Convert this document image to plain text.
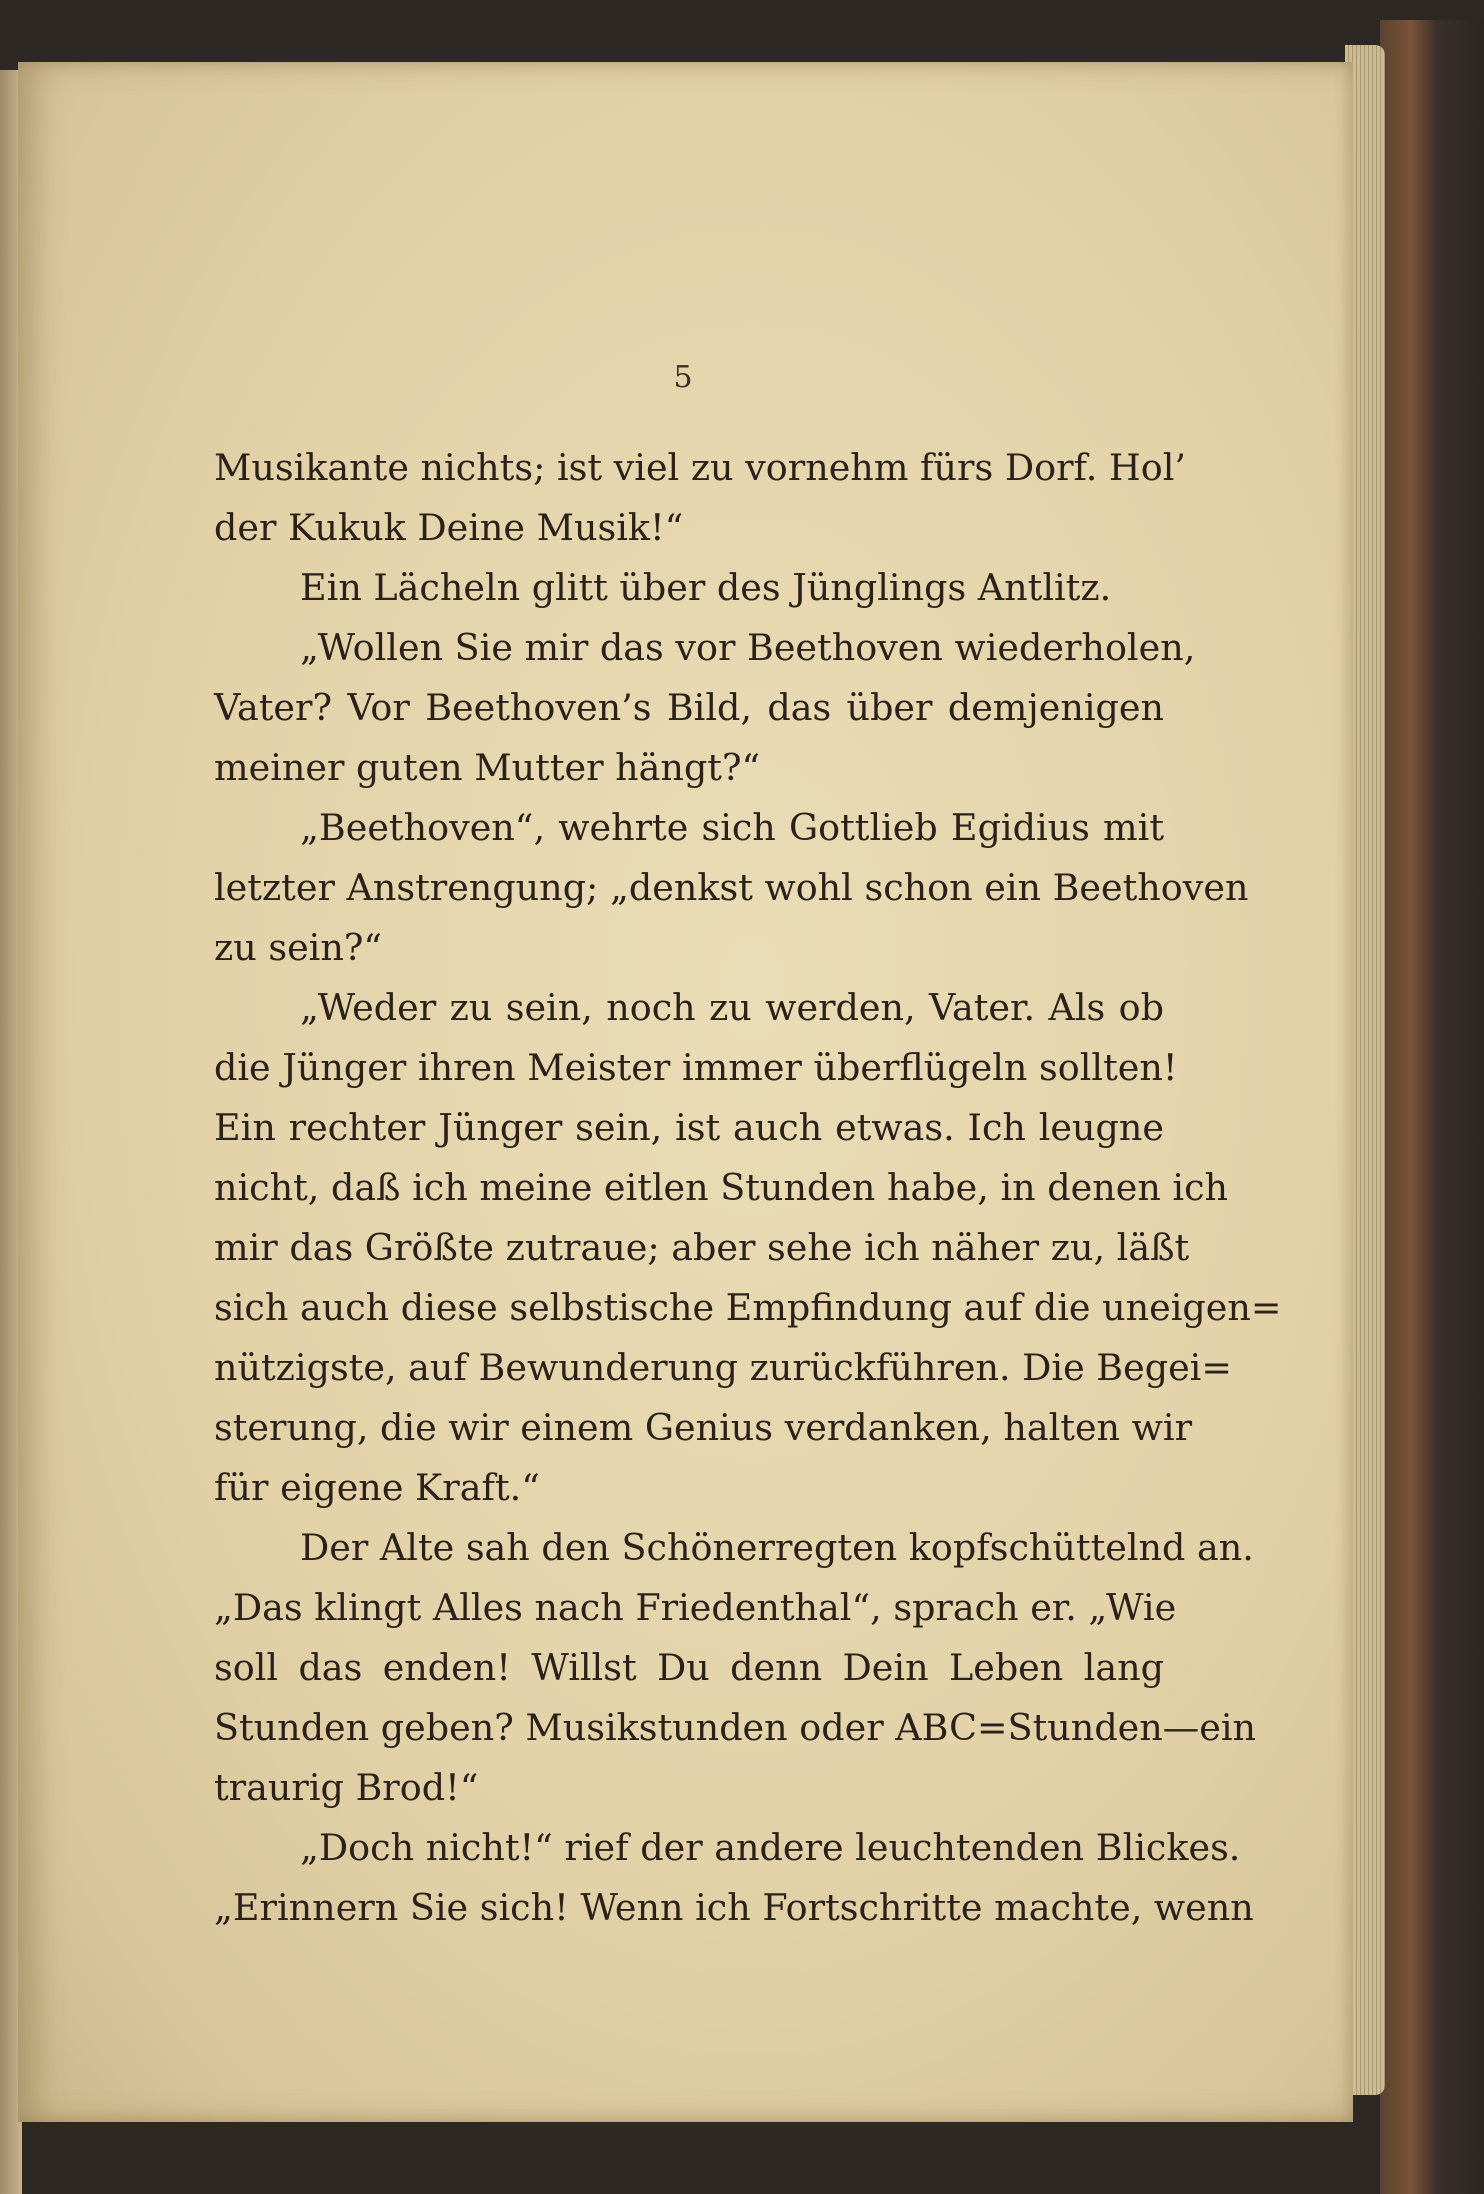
5
Musikante nichts; ist viel zu vornehm fürs Dorf. Hol’
der Kukuk Deine Musik!“
Ein Lächeln glitt über des Jünglings Antlitz.
„Wollen Sie mir das vor Beethoven wiederholen,
Vater? Vor Beethoven’s Bild, das über demjenigen
meiner guten Mutter hängt?“
„Beethoven“, wehrte sich Gottlieb Egidius mit
letzter Anstrengung; „denkst wohl schon ein Beethoven
zu sein?“
„Weder zu sein, noch zu werden, Vater. Als ob
die Jünger ihren Meister immer überflügeln sollten!
Ein rechter Jünger sein, ist auch etwas. Ich leugne
nicht, daß ich meine eitlen Stunden habe, in denen ich
mir das Größte zutraue; aber sehe ich näher zu, läßt
sich auch diese selbstische Empfindung auf die uneigen=
nützigste, auf Bewunderung zurückführen. Die Begei=
sterung, die wir einem Genius verdanken, halten wir
für eigene Kraft.“
Der Alte sah den Schönerregten kopfschüttelnd an.
„Das klingt Alles nach Friedenthal“, sprach er. „Wie
soll das enden! Willst Du denn Dein Leben lang
Stunden geben? Musikstunden oder ABC=Stunden—ein
traurig Brod!“
„Doch nicht!“ rief der andere leuchtenden Blickes.
„Erinnern Sie sich! Wenn ich Fortschritte machte, wenn
